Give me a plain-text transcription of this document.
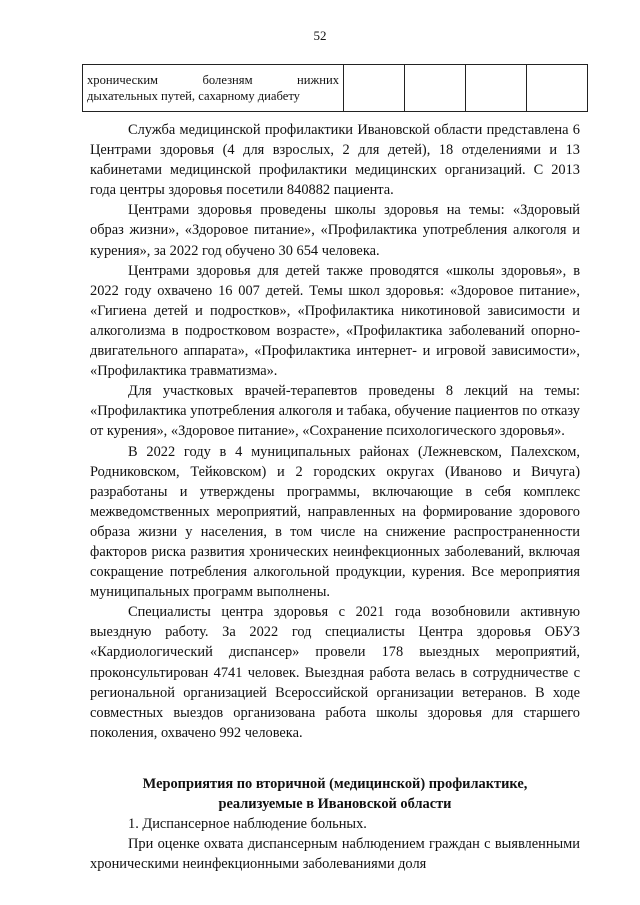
52
хроническим болезням нижних
дыхательных путей, сахарному диабету				

Служба медицинской профилактики Ивановской области представлена 6 Центрами здоровья (4 для взрослых, 2 для детей), 18 отделениями и 13 кабинетами медицинской профилактики медицинских организаций. С 2013 года центры здоровья посетили 840882 пациента.

Центрами здоровья проведены школы здоровья на темы: «Здоровый образ жизни», «Здоровое питание», «Профилактика употребления алкоголя и курения», за 2022 год обучено 30 654 человека.

Центрами здоровья для детей также проводятся «школы здоровья», в 2022 году охвачено 16 007 детей. Темы школ здоровья: «Здоровое питание», «Гигиена детей и подростков», «Профилактика никотиновой зависимости и алкоголизма в подростковом возрасте», «Профилактика заболеваний опорно-двигательного аппарата», «Профилактика интернет- и игровой зависимости», «Профилактика травматизма».

Для участковых врачей-терапевтов проведены 8 лекций на темы: «Профилактика употребления алкоголя и табака, обучение пациентов по отказу от курения», «Здоровое питание», «Сохранение психологического здоровья».

В 2022 году в 4 муниципальных районах (Лежневском, Палехском, Родниковском, Тейковском) и 2 городских округах (Иваново и Вичуга) разработаны и утверждены программы, включающие в себя комплекс межведомственных мероприятий, направленных на формирование здорового образа жизни у населения, в том числе на снижение распространенности факторов риска развития хронических неинфекционных заболеваний, включая сокращение потребления алкогольной продукции, курения. Все мероприятия муниципальных программ выполнены.

Специалисты центра здоровья с 2021 года возобновили активную выездную работу. За 2022 год специалисты Центра здоровья ОБУЗ «Кардиологический диспансер» провели 178 выездных мероприятий, проконсультирован 4741 человек. Выездная работа велась в сотрудничестве с региональной организацией Всероссийской организации ветеранов. В ходе совместных выездов организована работа школы здоровья для старшего поколения, охвачено 992 человека.

Мероприятия по вторичной (медицинской) профилактике,
реализуемые в Ивановской области

1. Диспансерное наблюдение больных.

При оценке охвата диспансерным наблюдением граждан с выявленными хроническими неинфекционными заболеваниями доля
